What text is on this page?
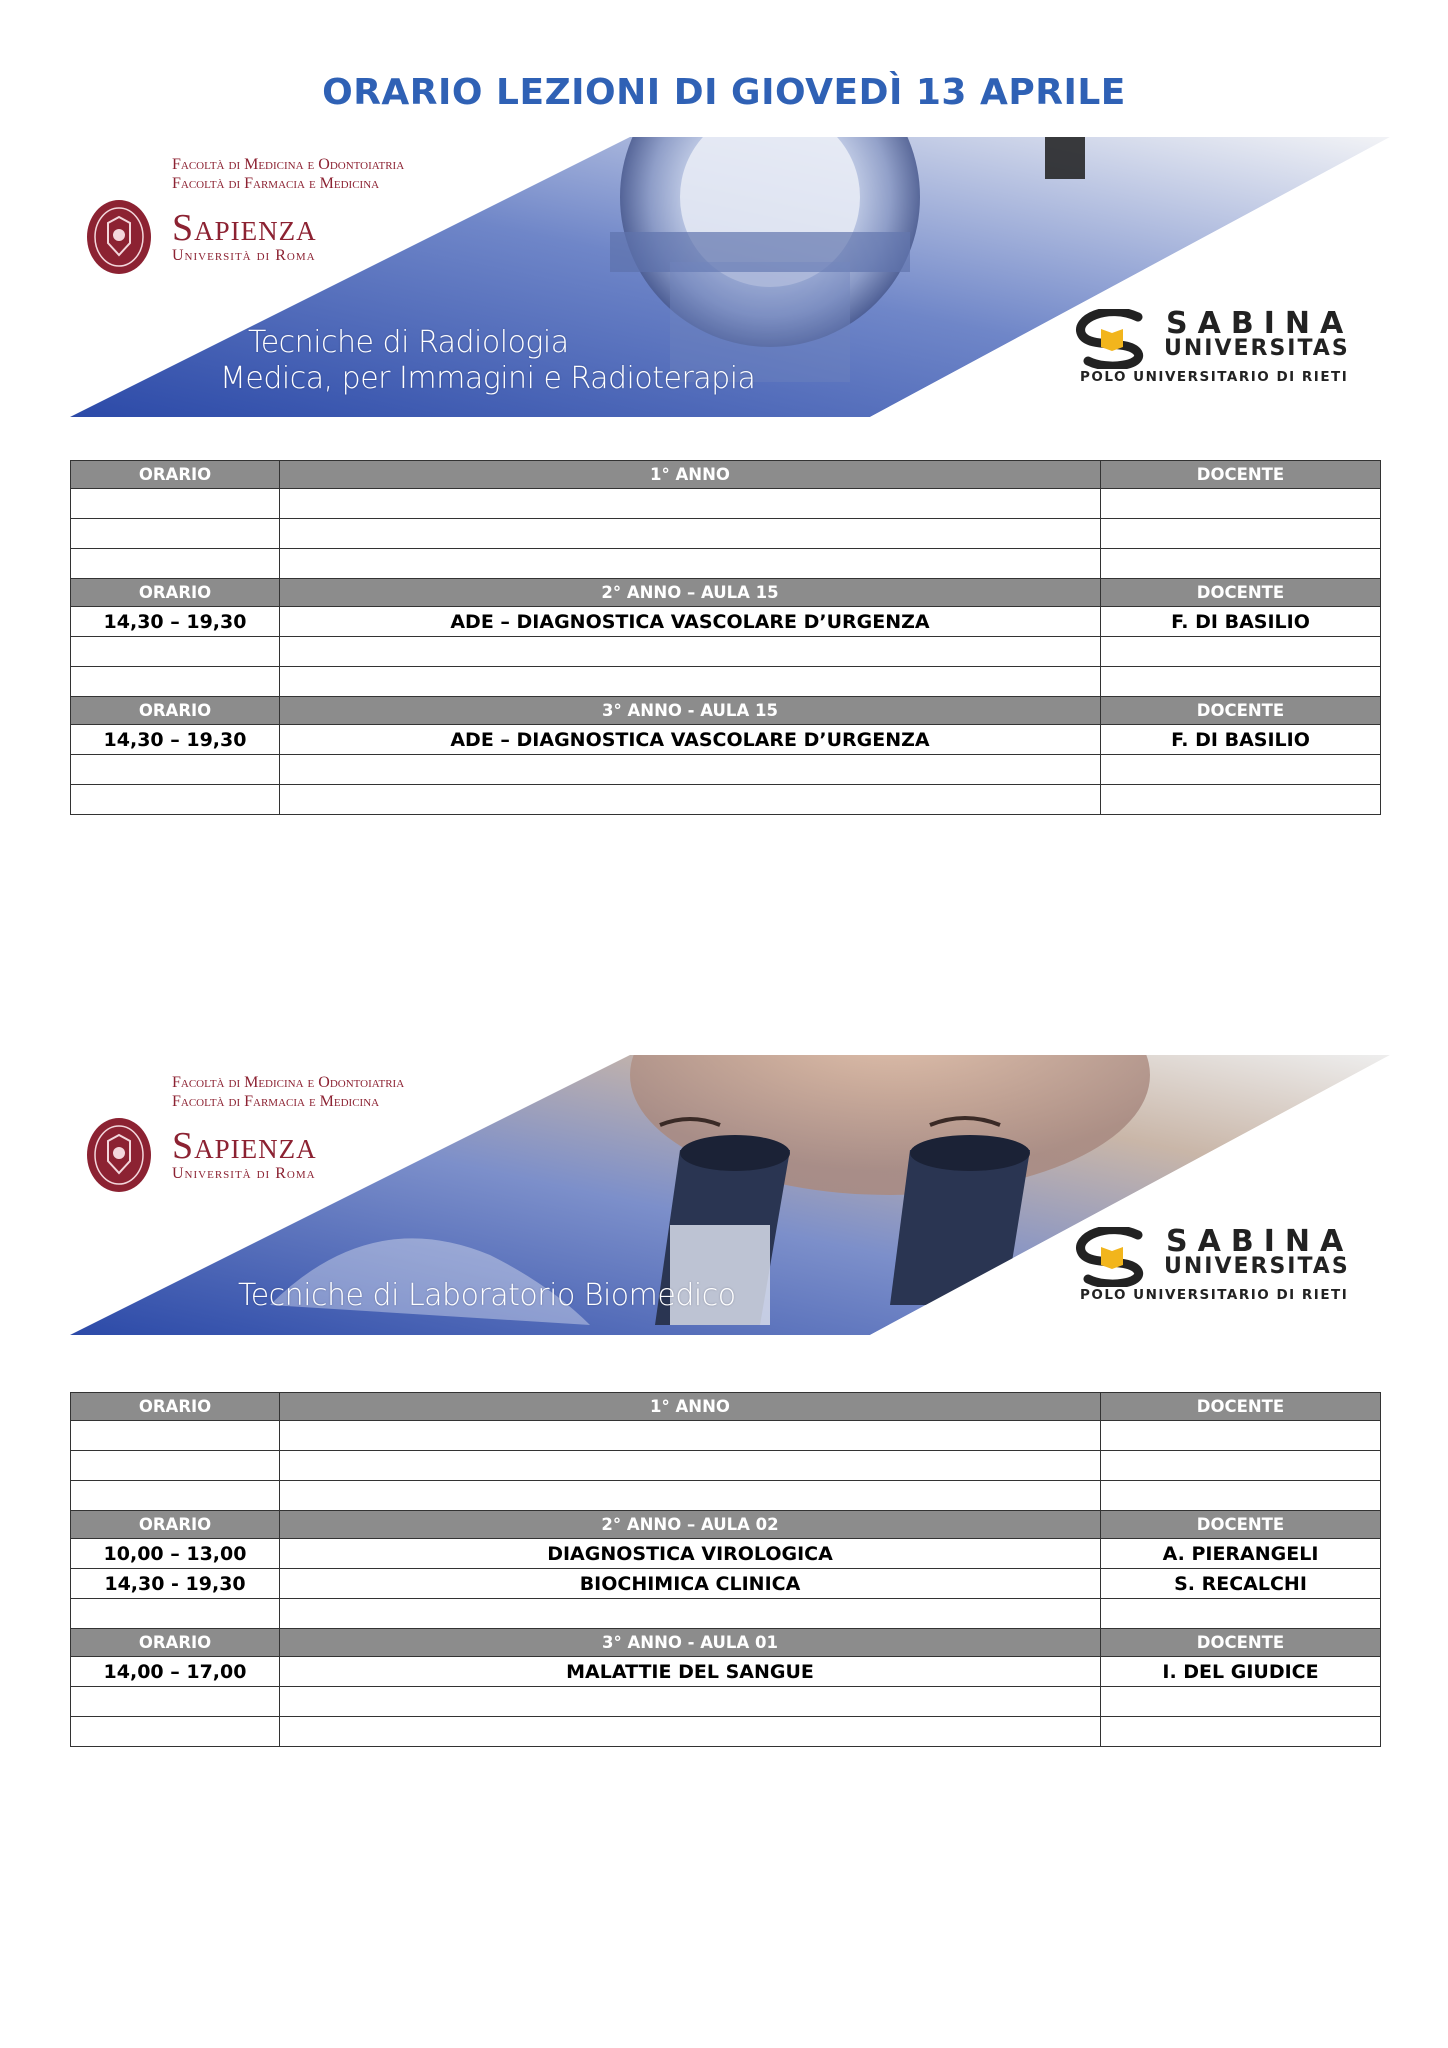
ORARIO LEZIONI DI GIOVEDÌ 13 APRILE
Facoltà di Medicina e Odontoiatria
Facoltà di Farmacia e Medicina
Sapienza
Università di Roma
Tecniche di Radiologia
Medica, per Immagini e Radioterapia
SABINA
UNIVERSITAS
POLO UNIVERSITARIO DI RIETI
ORARIO	1° ANNO	DOCENTE

ORARIO	2° ANNO – AULA 15	DOCENTE
14,30 – 19,30	ADE – DIAGNOSTICA VASCOLARE D’URGENZA	F. DI BASILIO

ORARIO	3° ANNO - AULA 15	DOCENTE
14,30 – 19,30	ADE – DIAGNOSTICA VASCOLARE D’URGENZA	F. DI BASILIO

Facoltà di Medicina e Odontoiatria
Facoltà di Farmacia e Medicina
Sapienza
Università di Roma
Tecniche di Laboratorio Biomedico
SABINA
UNIVERSITAS
POLO UNIVERSITARIO DI RIETI
ORARIO	1° ANNO	DOCENTE

ORARIO	2° ANNO – AULA 02	DOCENTE
10,00 – 13,00	DIAGNOSTICA VIROLOGICA	A. PIERANGELI
14,30 - 19,30	BIOCHIMICA CLINICA	S. RECALCHI

ORARIO	3° ANNO - AULA 01	DOCENTE
14,00 – 17,00	MALATTIE DEL SANGUE	I. DEL GIUDICE
